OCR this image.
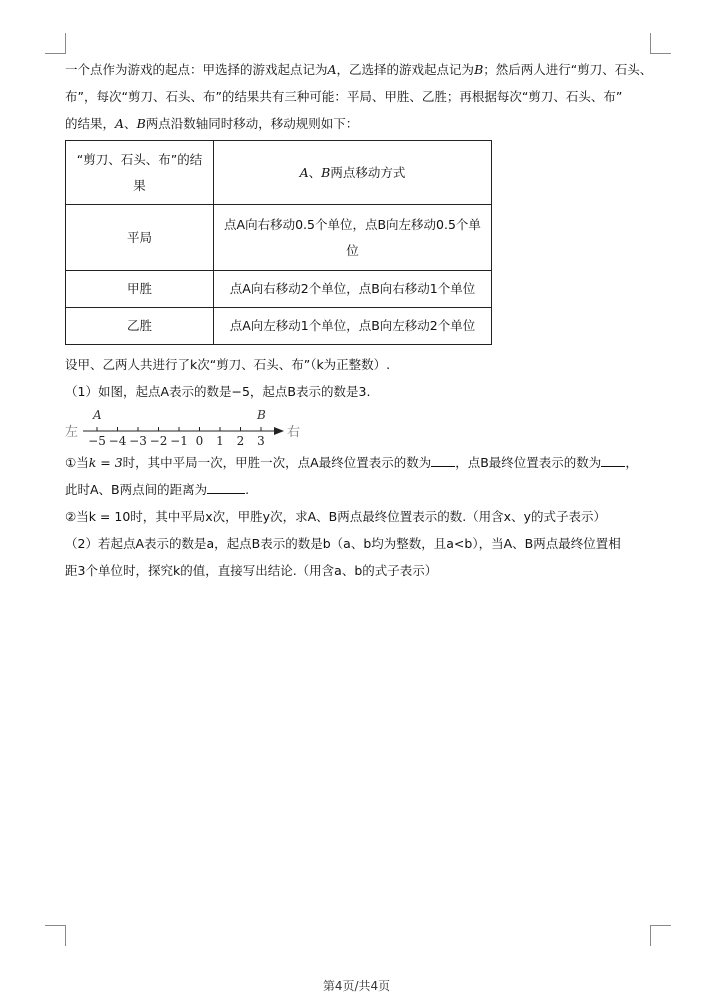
一个点作为游戏的起点：甲选择的游戏起点记为A，乙选择的游戏起点记为B；然后两人进行“剪刀、石头、

布”，每次“剪刀、石头、布”的结果共有三种可能：平局、甲胜、乙胜；再根据每次“剪刀、石头、布”

的结果，A、B两点沿数轴同时移动，移动规则如下：

“剪刀、石头、布”的结果	A、B两点移动方式
平局	点A向右移动0.5个单位，点B向左移动0.5个单位
甲胜	点A向右移动2个单位，点B向右移动1个单位
乙胜	点A向左移动1个单位，点B向左移动2个单位

设甲、乙两人共进行了k次“剪刀、石头、布”（k为正整数）.

（1）如图，起点A表示的数是−5，起点B表示的数是3.

左
−5 −4 −3 −2 −1 0 1 2 3
A	B
右

①当k = 3时，其中平局一次，甲胜一次，点A最终位置表示的数为 ，点B最终位置表示的数为 ，

此时A、B两点间的距离为	.

②当k = 10时，其中平局x次，甲胜y次，求A、B两点最终位置表示的数.（用含x、y的式子表示）

（2）若起点A表示的数是a，起点B表示的数是b（a、b均为整数，且a<b），当A、B两点最终位置相

距3个单位时，探究k的值，直接写出结论.（用含a、b的式子表示）

第4页/共4页
